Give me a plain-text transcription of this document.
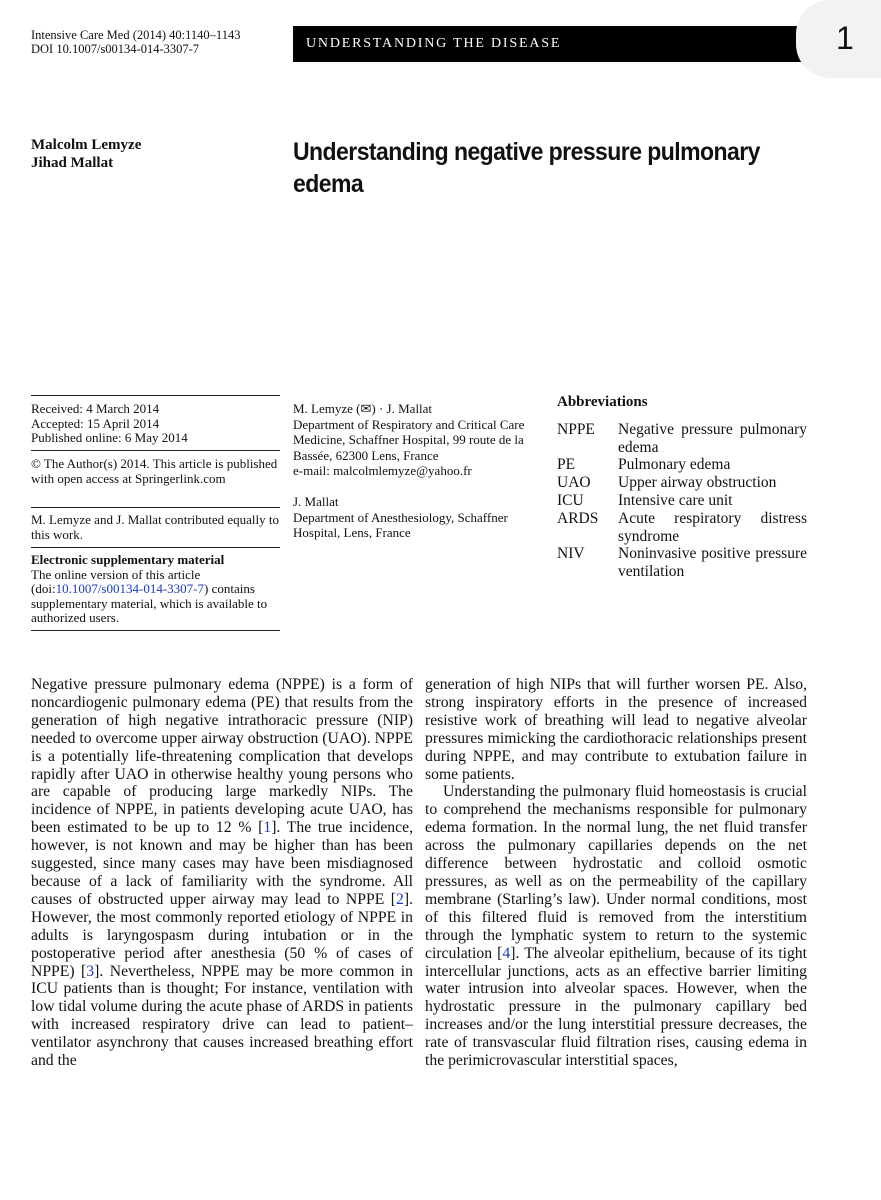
Intensive Care Med (2014) 40:1140–1143
DOI 10.1007/s00134-014-3307-7	UNDERSTANDING THE DISEASE	1
Malcolm Lemyze
Jihad Mallat	Understanding negative pressure pulmonary edema
Received: 4 March 2014
Accepted: 15 April 2014
Published online: 6 May 2014
© The Author(s) 2014. This article is published with open access at Springerlink.com
M. Lemyze and J. Mallat contributed equally to this work.
Electronic supplementary material
The online version of this article (doi:10.1007/s00134-014-3307-7) contains supplementary material, which is available to authorized users.
M. Lemyze (✉) · J. Mallat
Department of Respiratory and Critical Care Medicine, Schaffner Hospital, 99 route de la Bassée, 62300 Lens, France
e-mail: malcolmlemyze@yahoo.fr
J. Mallat
Department of Anesthesiology, Schaffner Hospital, Lens, France
Abbreviations
NPPE Negative pressure pulmonary edema
PE	Pulmonary edema
UAO Upper airway obstruction
ICU Intensive care unit
ARDS Acute respiratory distress syndrome
NIV Noninvasive positive pressure ventilation

Negative pressure pulmonary edema (NPPE) is a form of noncardiogenic pulmonary edema (PE) that results from the generation of high negative intrathoracic pressure (NIP) needed to overcome upper airway obstruction (UAO). NPPE is a potentially life-threatening complication that develops rapidly after UAO in otherwise healthy young persons who are capable of producing large markedly NIPs. The incidence of NPPE, in patients developing acute UAO, has been estimated to be up to 12 % [1]. The true incidence, however, is not known and may be higher than has been suggested, since many cases may have been misdiagnosed because of a lack of familiarity with the syndrome. All causes of obstructed upper airway may lead to NPPE [2]. However, the most commonly reported etiology of NPPE in adults is laryngospasm during intubation or in the postoperative period after anesthesia (50 % of cases of NPPE) [3]. Nevertheless, NPPE may be more common in ICU patients than is thought; For instance, ventilation with low tidal volume during the acute phase of ARDS in patients with increased respiratory drive can lead to patient–ventilator asynchrony that causes increased breathing effort and the

generation of high NIPs that will further worsen PE. Also, strong inspiratory efforts in the presence of increased resistive work of breathing will lead to negative alveolar pressures mimicking the cardiothoracic relationships present during NPPE, and may contribute to extubation failure in some patients.

Understanding the pulmonary fluid homeostasis is crucial to comprehend the mechanisms responsible for pulmonary edema formation. In the normal lung, the net fluid transfer across the pulmonary capillaries depends on the net difference between hydrostatic and colloid osmotic pressures, as well as on the permeability of the capillary membrane (Starling’s law). Under normal conditions, most of this filtered fluid is removed from the interstitium through the lymphatic system to return to the systemic circulation [4]. The alveolar epithelium, because of its tight intercellular junctions, acts as an effective barrier limiting water intrusion into alveolar spaces. However, when the hydrostatic pressure in the pulmonary capillary bed increases and/or the lung interstitial pressure decreases, the rate of transvascular fluid filtration rises, causing edema in the perimicrovascular interstitial spaces,
